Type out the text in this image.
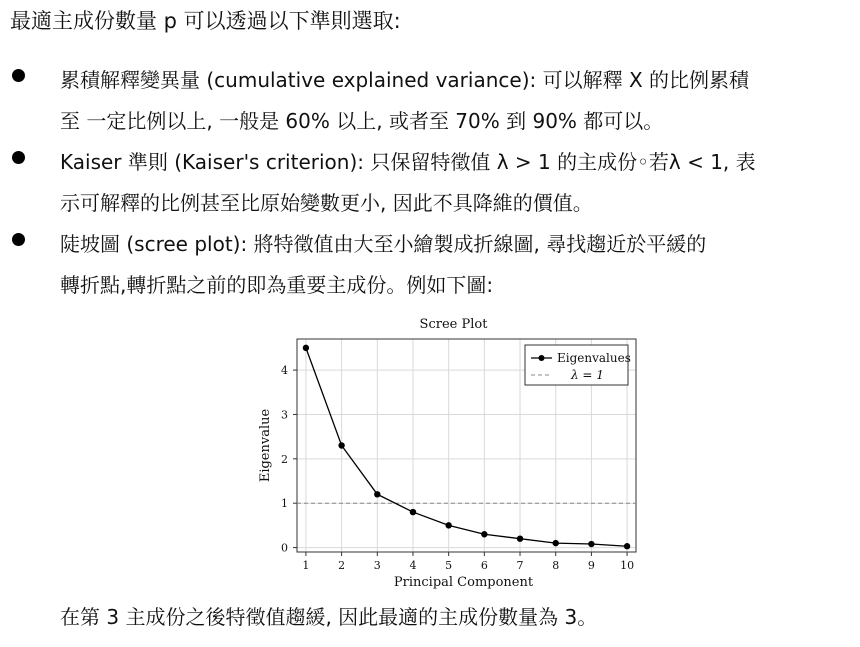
最適主成份數量 p 可以透過以下準則選取:
累積解釋變異量 (cumulative explained variance): 可以解釋 X 的比例累積
至 一定比例以上, 一般是 60% 以上, 或者至 70% 到 90% 都可以。
Kaiser 準則 (Kaiser's criterion): 只保留特徵值 λ > 1 的主成份◦若λ < 1, 表
示可解釋的比例甚至比原始變數更小, 因此不具降維的價值。
陡坡圖 (scree plot): 將特徵值由大至小繪製成折線圖, 尋找趨近於平緩的
轉折點,轉折點之前的即為重要主成份。例如下圖:
1	2	3	4	5	6	7	8	9 10
0
1
2
3
4
Scree Plot
Principal Component
Eigenvalue
Eigenvalues
λ = 1
在第 3 主成份之後特徵值趨緩, 因此最適的主成份數量為 3。
